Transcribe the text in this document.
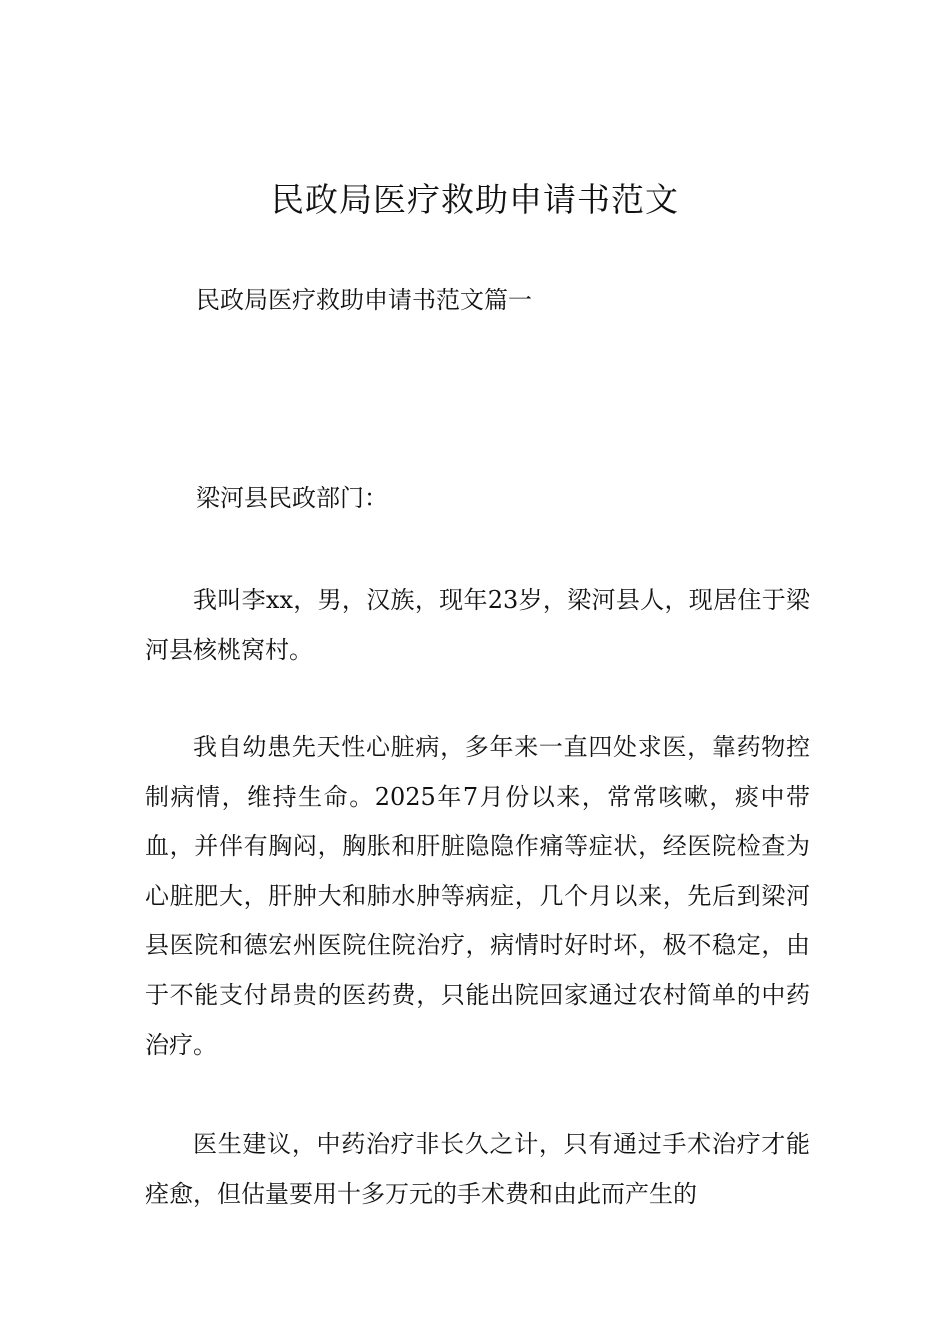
民政局医疗救助申请书范文

民政局医疗救助申请书范文篇一

梁河县民政部门：

我叫李xx，男，汉族，现年23岁，梁河县人，现居住于梁河县核桃窝村。

我自幼患先天性心脏病，多年来一直四处求医，靠药物控制病情，维持生命。2025年7月份以来，常常咳嗽，痰中带血，并伴有胸闷，胸胀和肝脏隐隐作痛等症状，经医院检查为心脏肥大，肝肿大和肺水肿等病症，几个月以来，先后到梁河县医院和德宏州医院住院治疗，病情时好时坏，极不稳定，由于不能支付昂贵的医药费，只能出院回家通过农村简单的中药治疗。

医生建议，中药治疗非长久之计，只有通过手术治疗才能痊愈，但估量要用十多万元的手术费和由此而产生的
